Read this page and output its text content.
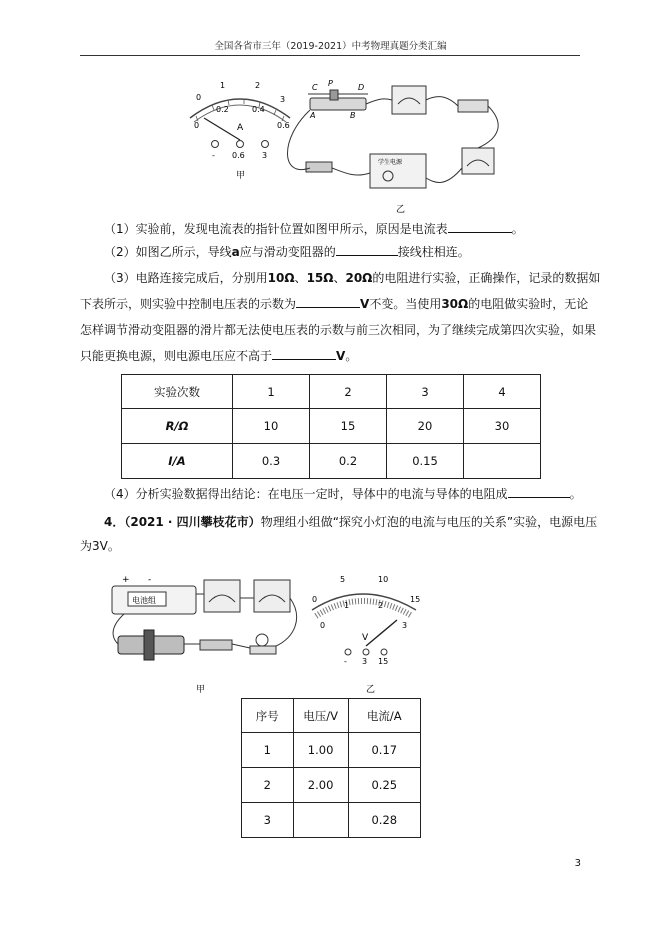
全国各省市三年（2019-2021）中考物理真题分类汇编
0
1	2
3
0
0.2	0.4
0.6
A
- 0.6 3
甲
C P	D
A	B
学生电源
乙
（1）实验前，发现电流表的指针位置如图甲所示，原因是电流表	。
（2）如图乙所示，导线a应与滑动变阻器的	接线柱相连。
（3）电路连接完成后，分别用10Ω、15Ω、20Ω的电阻进行实验，正确操作，记录的数据如
下表所示，则实验中控制电压表的示数为	V不变。当使用30Ω的电阻做实验时，无论
怎样调节滑动变阻器的滑片都无法使电压表的示数与前三次相同，为了继续完成第四次实验，如果
只能更换电源，则电源电压应不高于	V。
实验次数	1	2	3	4
R/Ω	10	15	20	30
I/A	0.3	0.2	0.15	
（4）分析实验数据得出结论：在电压一定时，导体中的电流与导体的电阻成	。
4．（2021 · 四川攀枝花市）物理组小组做“探究小灯泡的电流与电压的关系”实验，电源电压
为3V。
+ -
电池组
甲
0
5	10
15
0
1	2
3
V
- 3 15
乙
序号	电压/V	电流/A
1	1.00	0.17
2	2.00	0.25
3		0.28
3
